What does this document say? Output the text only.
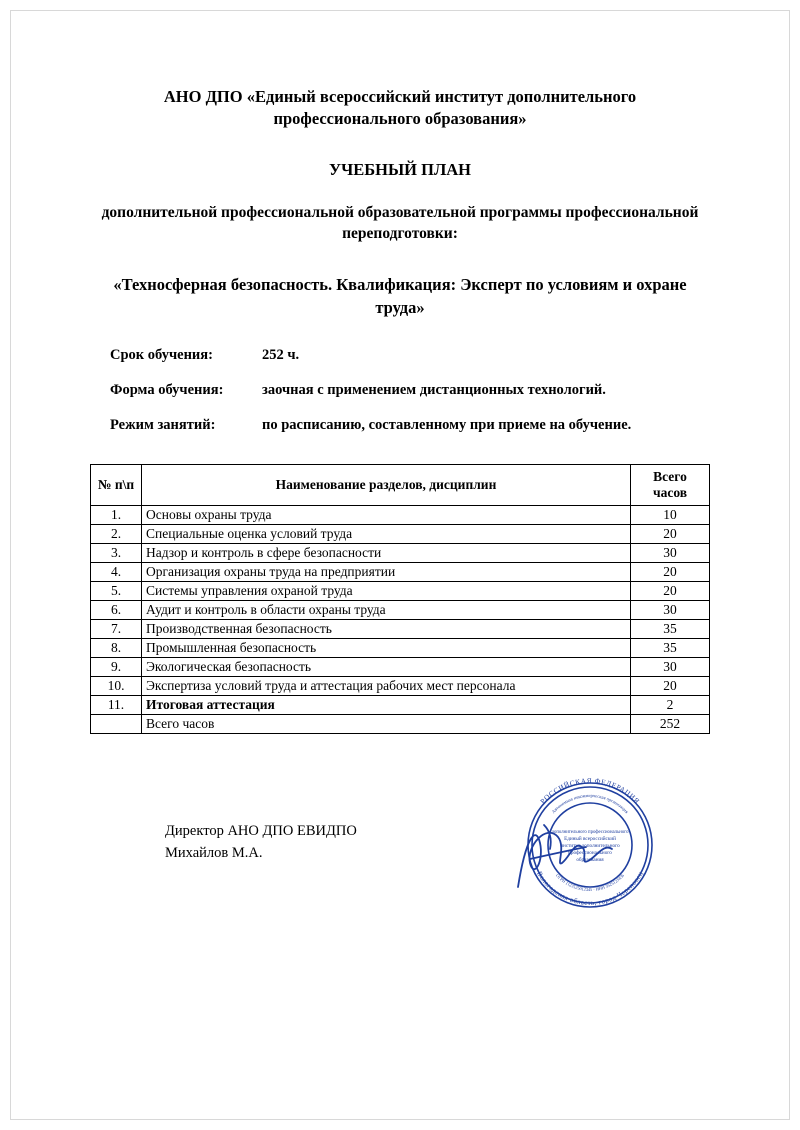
АНО ДПО «Единый всероссийский институт дополнительного профессионального образования»
УЧЕБНЫЙ ПЛАН
дополнительной профессиональной образовательной программы профессиональной переподготовки:
«Техносферная безопасность. Квалификация: Эксперт по условиям и охране труда»
Срок обучения:	252 ч.
Форма обучения:	заочная с применением дистанционных технологий.
Режим занятий:	по расписанию, составленному при приеме на обучение.
№ п\п	Наименование разделов, дисциплин	Всего
часов

1.	Основы охраны труда	10
2.	Специальные оценка условий труда	20
3.	Надзор и контроль в сфере безопасности	30
4.	Организация охраны труда на предприятии	20
5.	Системы управления охраной труда	20
6.	Аудит и контроль в области охраны труда	30
7.	Производственная безопасность	35
8.	Промышленная безопасность	35
9.	Экологическая безопасность	30
10.	Экспертиза условий труда и аттестация рабочих мест персонала	20
11.	Итоговая аттестация	2
	Всего часов	252
Директор АНО ДПО ЕВИДПО
Михайлов М.А.
РОССИЙСКАЯ ФЕДЕРАЦИЯ
Вологодская область, город Череповец
Автономная некоммерческая организация
ОГРН 1123525012345 · ИНН 3525123456
дополнительного профессионального
Единый всероссийский
институт дополнительного
профессионального
образования
